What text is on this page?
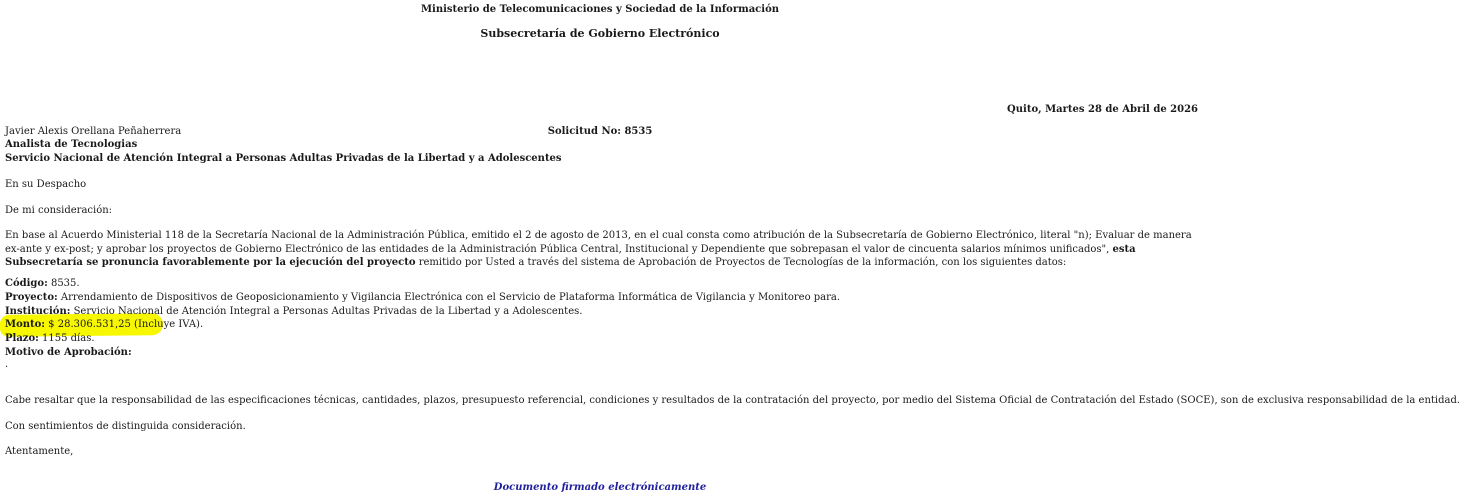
Ministerio de Telecomunicaciones y Sociedad de la Información
Subsecretaría de Gobierno Electrónico
Quito, Martes 28 de Abril de 2026
Solicitud No: 8535
Javier Alexis Orellana Peñaherrera
Analista de Tecnologias
Servicio Nacional de Atención Integral a Personas Adultas Privadas de la Libertad y a Adolescentes
En su Despacho
De mi consideración:
En base al Acuerdo Ministerial 118 de la Secretaría Nacional de la Administración Pública, emitido el 2 de agosto de 2013, en el cual consta como atribución de la Subsecretaría de Gobierno Electrónico, literal "n); Evaluar de manera ex-ante y ex-post; y aprobar los proyectos de Gobierno Electrónico de las entidades de la Administración Pública Central, Institucional y Dependiente que sobrepasan el valor de cincuenta salarios mínimos unificados", esta Subsecretaría se pronuncia favorablemente por la ejecución del proyecto remitido por Usted a través del sistema de Aprobación de Proyectos de Tecnologías de la información, con los siguientes datos:
Código: 8535.
Proyecto: Arrendamiento de Dispositivos de Geoposicionamiento y Vigilancia Electrónica con el Servicio de Plataforma Informática de Vigilancia y Monitoreo para.
Institución: Servicio Nacional de Atención Integral a Personas Adultas Privadas de la Libertad y a Adolescentes.
Monto: $ 28.306.531,25 (Incluye IVA).
Plazo: 1155 días.
Motivo de Aprobación:
.
Cabe resaltar que la responsabilidad de las especificaciones técnicas, cantidades, plazos, presupuesto referencial, condiciones y resultados de la contratación del proyecto, por medio del Sistema Oficial de Contratación del Estado (SOCE), son de exclusiva responsabilidad de la entidad.
Con sentimientos de distinguida consideración.
Atentamente,
Documento firmado electrónicamente
